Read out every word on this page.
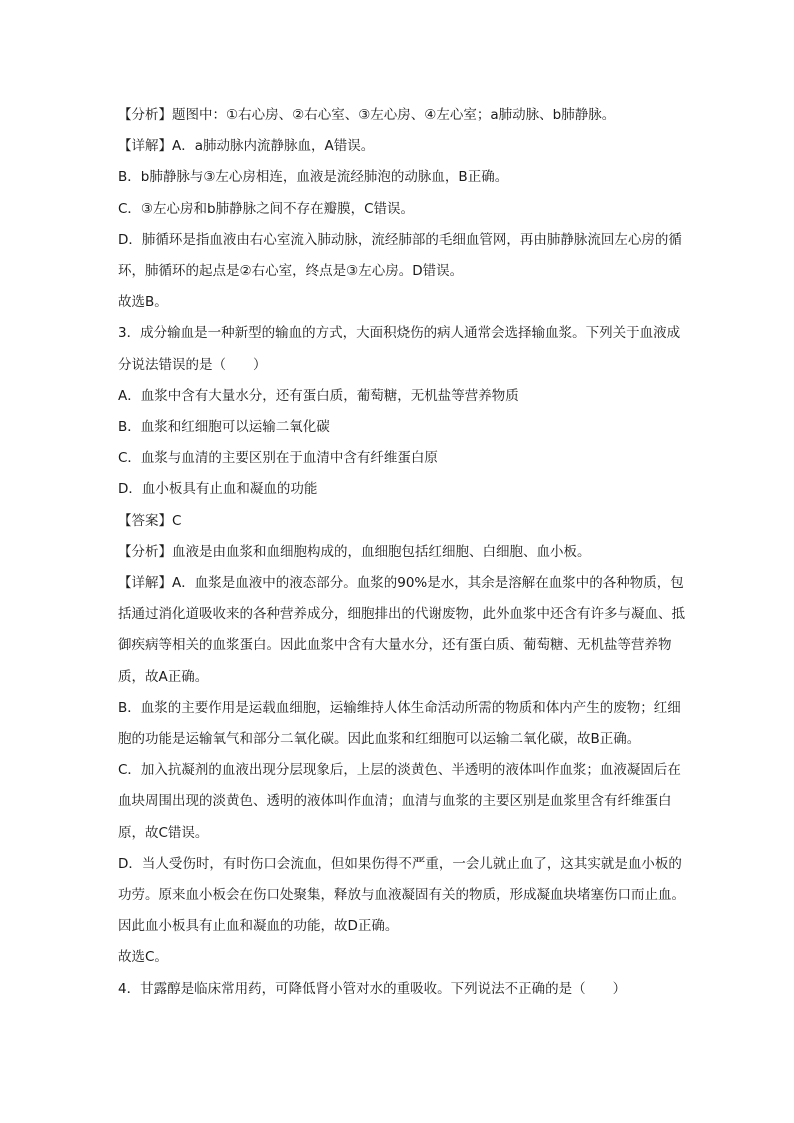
【分析】题图中：①右心房、②右心室、③左心房、④左心室；a肺动脉、b肺静脉。

【详解】A．a肺动脉内流静脉血，A错误。

B．b肺静脉与③左心房相连，血液是流经肺泡的动脉血，B正确。

C．③左心房和b肺静脉之间不存在瓣膜，C错误。

D．肺循环是指血液由右心室流入肺动脉，流经肺部的毛细血管网，再由肺静脉流回左心房的循环，肺循环的起点是②右心室，终点是③左心房。D错误。

故选B。

3．成分输血是一种新型的输血的方式，大面积烧伤的病人通常会选择输血浆。下列关于血液成分说法错误的是（　　）

A．血浆中含有大量水分，还有蛋白质，葡萄糖，无机盐等营养物质

B．血浆和红细胞可以运输二氧化碳

C．血浆与血清的主要区别在于血清中含有纤维蛋白原

D．血小板具有止血和凝血的功能

【答案】C

【分析】血液是由血浆和血细胞构成的，血细胞包括红细胞、白细胞、血小板。

【详解】A．血浆是血液中的液态部分。血浆的90%是水，其余是溶解在血浆中的各种物质，包括通过消化道吸收来的各种营养成分，细胞排出的代谢废物，此外血浆中还含有许多与凝血、抵御疾病等相关的血浆蛋白。因此血浆中含有大量水分，还有蛋白质、葡萄糖、无机盐等营养物质，故A正确。

B．血浆的主要作用是运载血细胞，运输维持人体生命活动所需的物质和体内产生的废物；红细胞的功能是运输氧气和部分二氧化碳。因此血浆和红细胞可以运输二氧化碳，故B正确。

C．加入抗凝剂的血液出现分层现象后，上层的淡黄色、半透明的液体叫作血浆；血液凝固后在血块周围出现的淡黄色、透明的液体叫作血清；血清与血浆的主要区别是血浆里含有纤维蛋白原，故C错误。

D．当人受伤时，有时伤口会流血，但如果伤得不严重，一会儿就止血了，这其实就是血小板的功劳。原来血小板会在伤口处聚集，释放与血液凝固有关的物质，形成凝血块堵塞伤口而止血。因此血小板具有止血和凝血的功能，故D正确。

故选C。

4．甘露醇是临床常用药，可降低肾小管对水的重吸收。下列说法不正确的是（　　）
